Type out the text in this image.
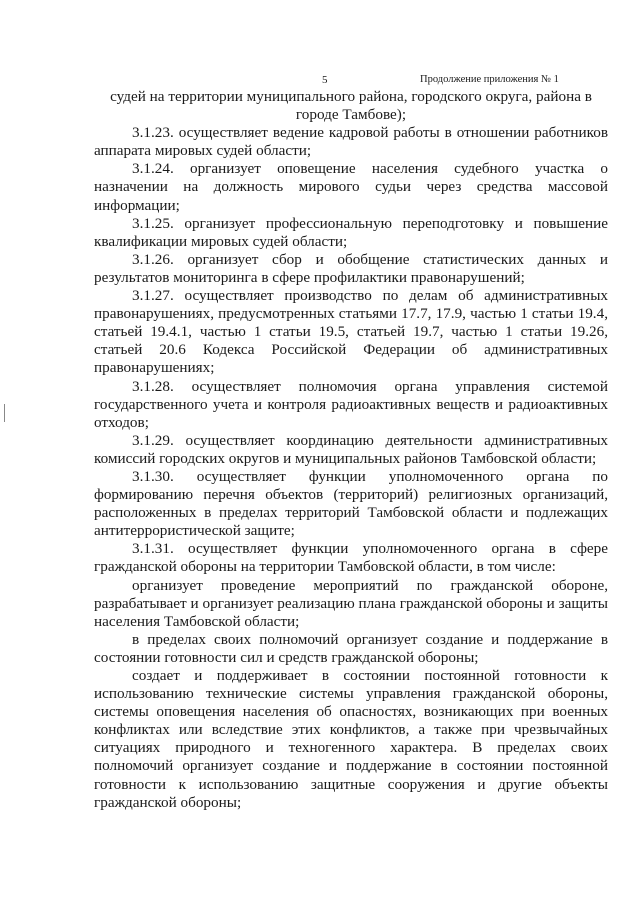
5	Продолжение приложения № 1

судей на территории муниципального района, городского округа, района в городе Тамбове);

3.1.23. осуществляет ведение кадровой работы в отношении работников аппарата мировых судей области;

3.1.24. организует оповещение населения судебного участка о назначении на должность мирового судьи через средства массовой информации;

3.1.25. организует профессиональную переподготовку и повышение квалификации мировых судей области;

3.1.26. организует сбор и обобщение статистических данных и результатов мониторинга в сфере профилактики правонарушений;

3.1.27. осуществляет производство по делам об административных правонарушениях, предусмотренных статьями 17.7, 17.9, частью 1 статьи 19.4, статьей 19.4.1, частью 1 статьи 19.5, статьей 19.7, частью 1 статьи 19.26, статьей 20.6 Кодекса Российской Федерации об административных правонарушениях;

3.1.28. осуществляет полномочия органа управления системой государственного учета и контроля радиоактивных веществ и радиоактивных отходов;

3.1.29. осуществляет координацию деятельности административных комиссий городских округов и муниципальных районов Тамбовской области;

3.1.30. осуществляет функции уполномоченного органа по формированию перечня объектов (территорий) религиозных организаций, расположенных в пределах территорий Тамбовской области и подлежащих антитеррористической защите;

3.1.31. осуществляет функции уполномоченного органа в сфере гражданской обороны на территории Тамбовской области, в том числе:

организует проведение мероприятий по гражданской обороне, разрабатывает и организует реализацию плана гражданской обороны и защиты населения Тамбовской области;

в пределах своих полномочий организует создание и поддержание в состоянии готовности сил и средств гражданской обороны;

создает и поддерживает в состоянии постоянной готовности к использованию технические системы управления гражданской обороны, системы оповещения населения об опасностях, возникающих при военных конфликтах или вследствие этих конфликтов, а также при чрезвычайных ситуациях природного и техногенного характера. В пределах своих полномочий организует создание и поддержание в состоянии постоянной готовности к использованию защитные сооружения и другие объекты гражданской обороны;
